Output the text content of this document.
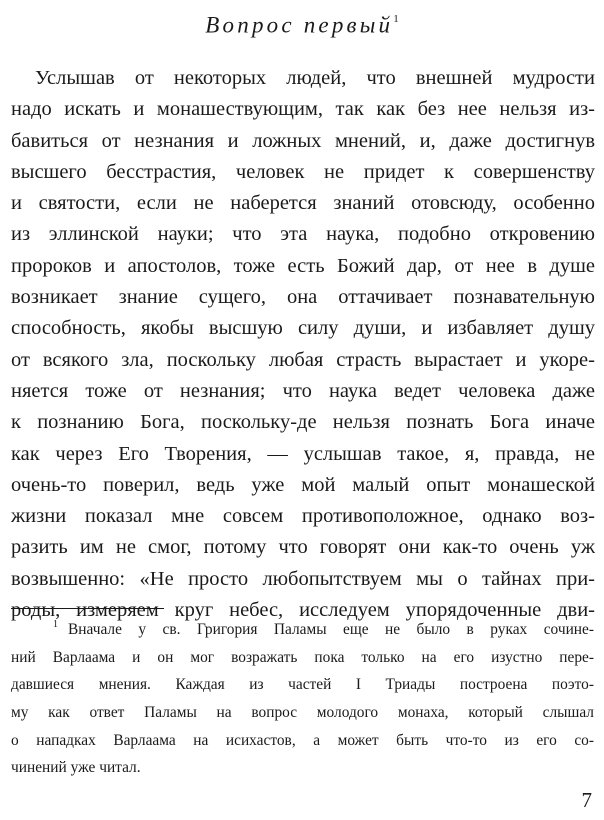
Вопрос первый$^1$
Услышав от некоторых людей, что внешней мудрости
надо искать и монашествующим, так как без нее нельзя из-
бавиться от незнания и ложных мнений, и, даже достигнув
высшего бесстрастия, человек не придет к совершенству
и святости, если не наберется знаний отовсюду, особенно
из эллинской науки; что эта наука, подобно откровению
пророков и апостолов, тоже есть Божий дар, от нее в душе
возникает знание сущего, она оттачивает познавательную
способность, якобы высшую силу души, и избавляет душу
от всякого зла, поскольку любая страсть вырастает и укоре-
няется тоже от незнания; что наука ведет человека даже
к познанию Бога, поскольку-де нельзя познать Бога иначе
как через Его Творения, — услышав такое, я, правда, не
очень-то поверил, ведь уже мой малый опыт монашеской
жизни показал мне совсем противоположное, однако воз-
разить им не смог, потому что говорят они как-то очень уж
возвышенно: «Не просто любопытствуем мы о тайнах при-
роды, измеряем круг небес, исследуем упорядоченные дви-
$^1$ Вначале у св. Григория Паламы еще не было в руках сочине-
ний Варлаама и он мог возражать пока только на его изустно пере-
давшиеся мнения. Каждая из частей I Триады построена поэто-
му как ответ Паламы на вопрос молодого монаха, который слышал
о нападках Варлаама на исихастов, а может быть что-то из его со-
чинений уже читал.
7
